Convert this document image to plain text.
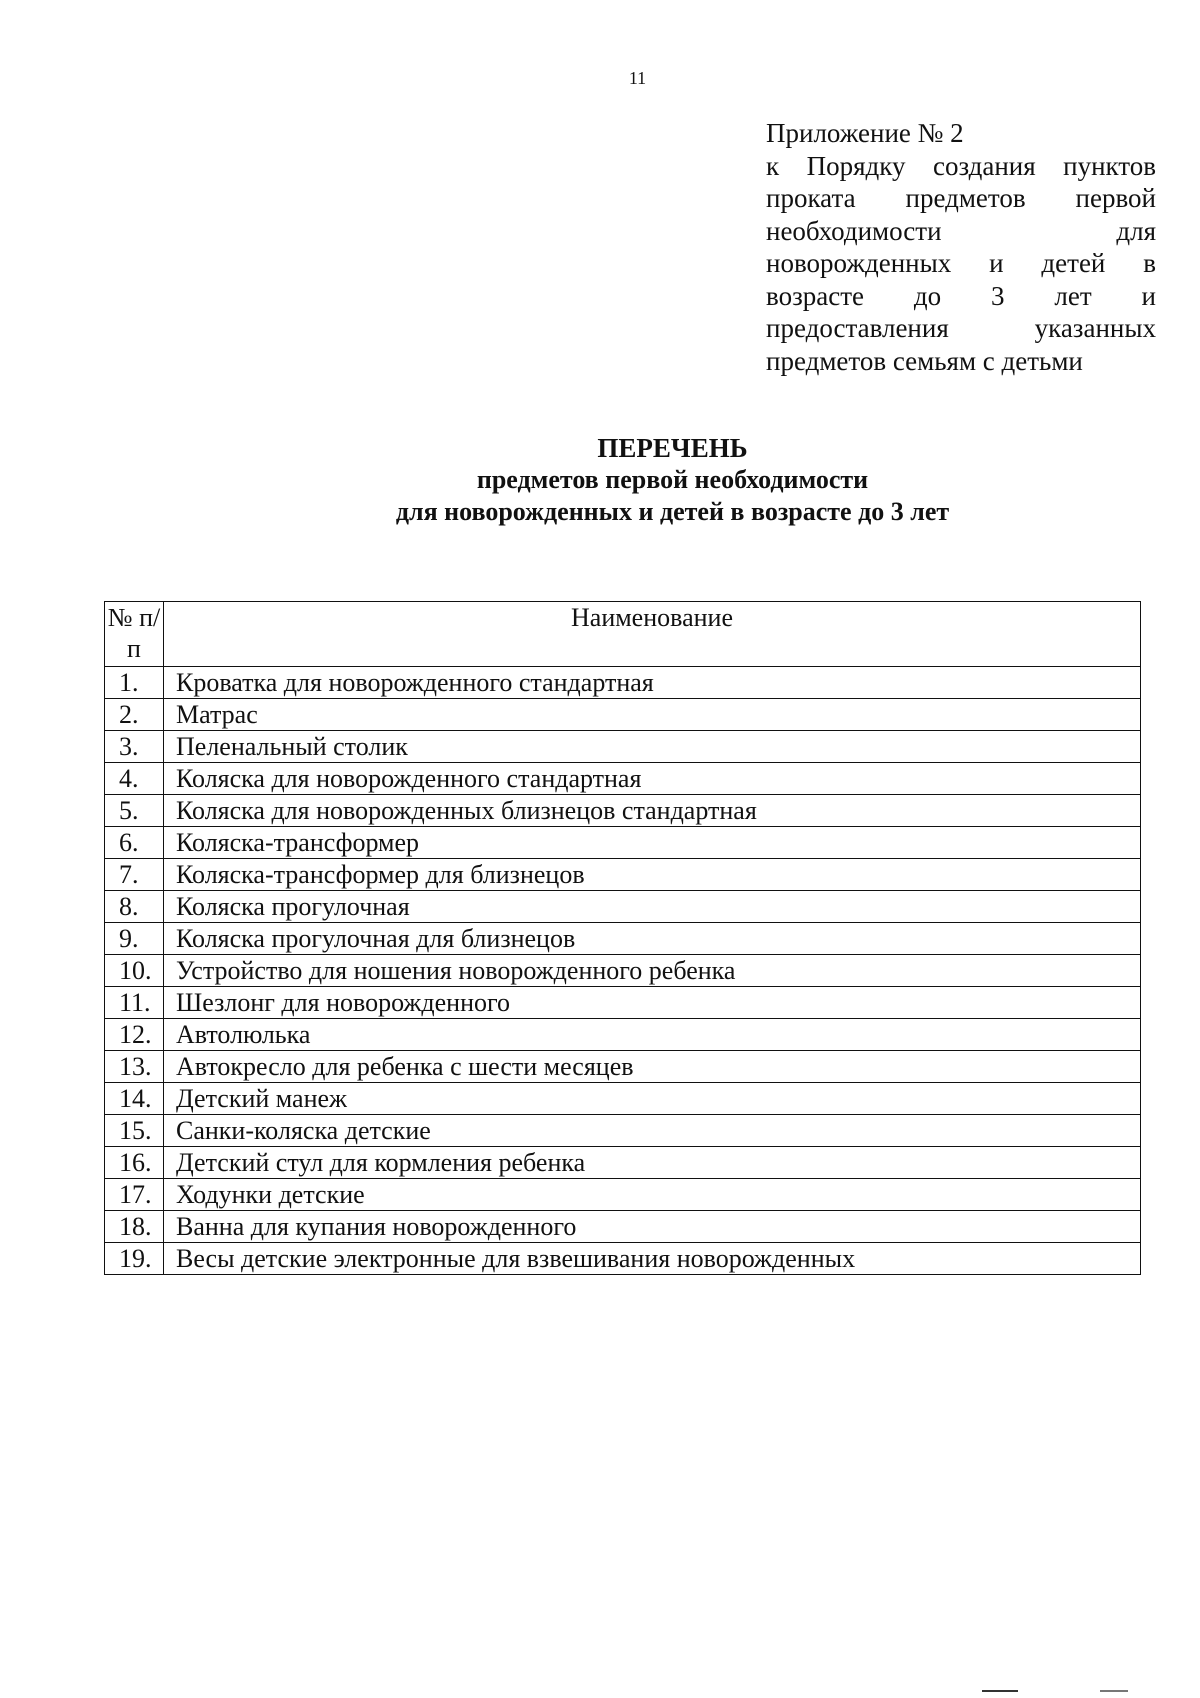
11
Приложение № 2
к Порядку создания пунктов
проката предметов первой
необходимости для
новорожденных и детей в
возрасте до 3 лет и
предоставления указанных
предметов семьям с детьми
ПЕРЕЧЕНЬ
предметов первой необходимости
для новорожденных и детей в возрасте до 3 лет
№ п/п	Наименование
1.	Кроватка для новорожденного стандартная
2.	Матрас
3.	Пеленальный столик
4.	Коляска для новорожденного стандартная
5.	Коляска для новорожденных близнецов стандартная
6.	Коляска-трансформер
7.	Коляска-трансформер для близнецов
8.	Коляска прогулочная
9.	Коляска прогулочная для близнецов
10.	Устройство для ношения новорожденного ребенка
11.	Шезлонг для новорожденного
12.	Автолюлька
13.	Автокресло для ребенка с шести месяцев
14.	Детский манеж
15.	Санки-коляска детские
16.	Детский стул для кормления ребенка
17.	Ходунки детские
18.	Ванна для купания новорожденного
19.	Весы детские электронные для взвешивания новорожденных
